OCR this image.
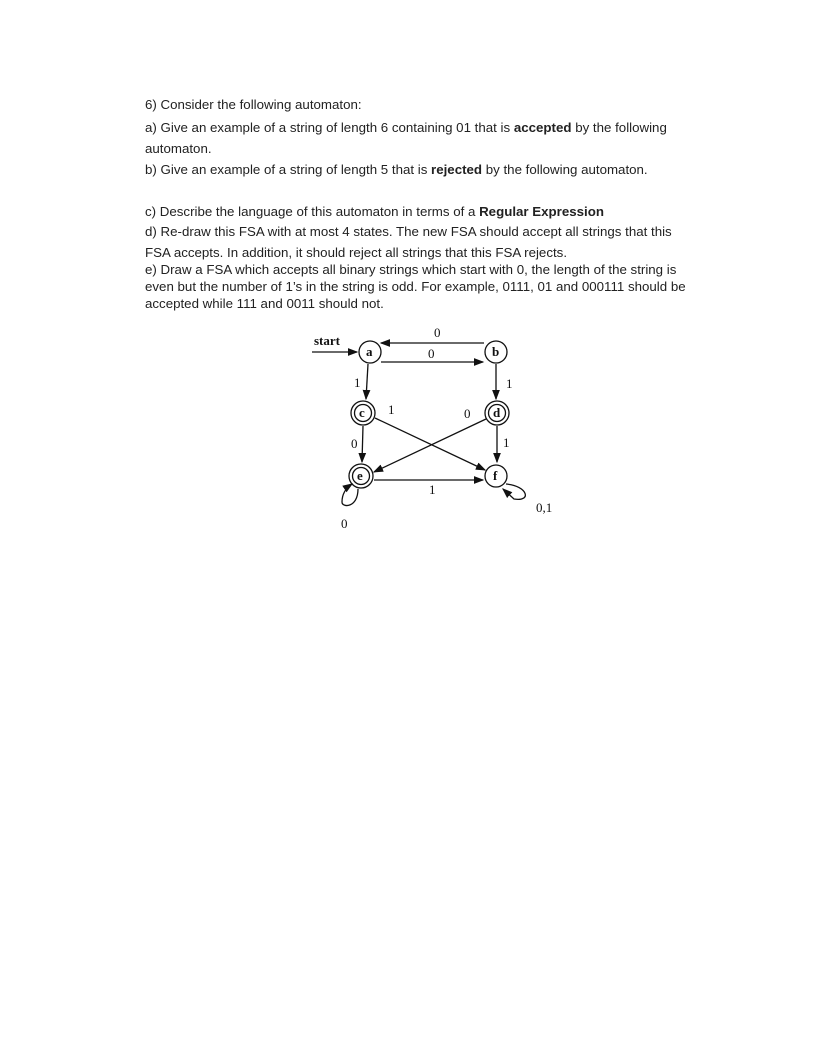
6) Consider the following automaton:
a) Give an example of a string of length 6 containing 01 that is accepted by the following
automaton.
b) Give an example of a string of length 5 that is rejected by the following automaton.
c) Describe the language of this automaton in terms of a Regular Expression
d) Re-draw this FSA with at most 4 states. The new FSA should accept all strings that this
FSA accepts. In addition, it should reject all strings that this FSA rejects.
e) Draw a FSA which accepts all binary strings which start with 0, the length of the string is
even but the number of 1’s in the string is odd. For example, 0111, 01 and 000111 should be
accepted while 111 and 0011 should not.
start
a	b
c	d
e	f
0
0
1	1
1	0
0	1
1
0,1
0
